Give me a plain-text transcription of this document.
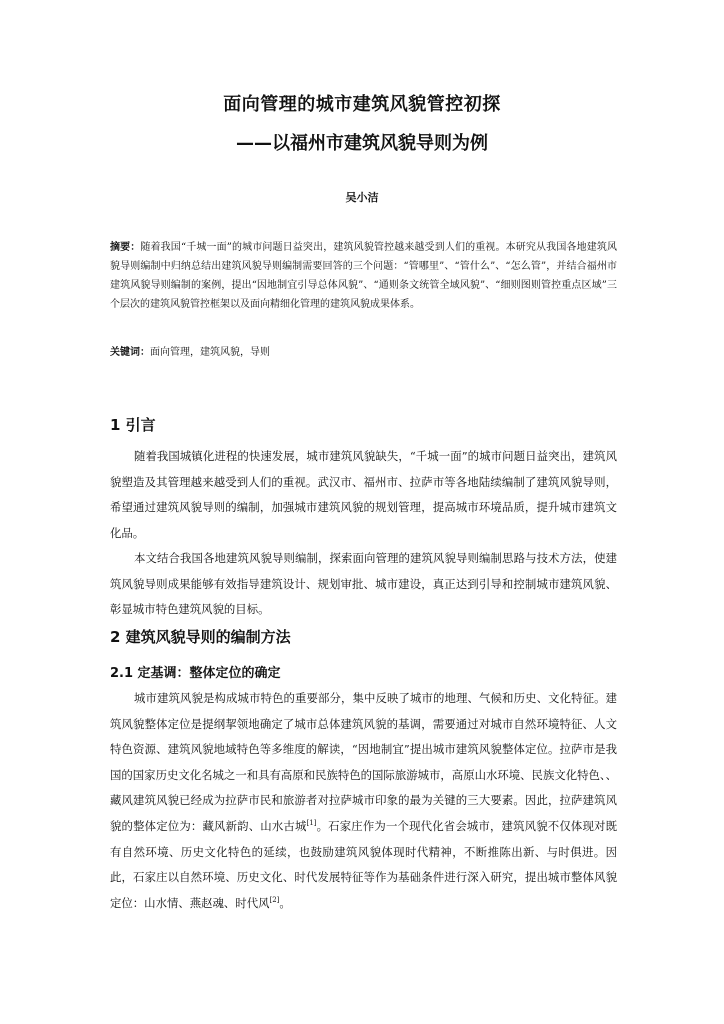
面向管理的城市建筑风貌管控初探
——以福州市建筑风貌导则为例
吴小洁
摘要：随着我国“千城一面”的城市问题日益突出，建筑风貌管控越来越受到人们的重视。本研究从我国各地建筑风貌导则编制中归纳总结出建筑风貌导则编制需要回答的三个问题：“管哪里”、“管什么”、“怎么管”，并结合福州市建筑风貌导则编制的案例，提出“因地制宜引导总体风貌”、“通则条文统管全域风貌”、“细则图则管控重点区域”三个层次的建筑风貌管控框架以及面向精细化管理的建筑风貌成果体系。
关键词：面向管理，建筑风貌，导则
1 引言

随着我国城镇化进程的快速发展，城市建筑风貌缺失，“千城一面”的城市问题日益突出，建筑风貌塑造及其管理越来越受到人们的重视。武汉市、福州市、拉萨市等各地陆续编制了建筑风貌导则，希望通过建筑风貌导则的编制，加强城市建筑风貌的规划管理，提高城市环境品质，提升城市建筑文化品。

本文结合我国各地建筑风貌导则编制，探索面向管理的建筑风貌导则编制思路与技术方法，使建筑风貌导则成果能够有效指导建筑设计、规划审批、城市建设，真正达到引导和控制城市建筑风貌、彰显城市特色建筑风貌的目标。

2 建筑风貌导则的编制方法
2.1 定基调：整体定位的确定

城市建筑风貌是构成城市特色的重要部分，集中反映了城市的地理、气候和历史、文化特征。建筑风貌整体定位是提纲挈领地确定了城市总体建筑风貌的基调，需要通过对城市自然环境特征、人文特色资源、建筑风貌地域特色等多维度的解读，“因地制宜”提出城市建筑风貌整体定位。拉萨市是我国的国家历史文化名城之一和具有高原和民族特色的国际旅游城市，高原山水环境、民族文化特色、、藏风建筑风貌已经成为拉萨市民和旅游者对拉萨城市印象的最为关键的三大要素。因此，拉萨建筑风貌的整体定位为：藏风新韵、山水古城[1]。石家庄作为一个现代化省会城市，建筑风貌不仅体现对既有自然环境、历史文化特色的延续，也鼓励建筑风貌体现时代精神，不断推陈出新、与时俱进。因此，石家庄以自然环境、历史文化、时代发展特征等作为基础条件进行深入研究，提出城市整体风貌定位：山水情、燕赵魂、时代风[2]。
